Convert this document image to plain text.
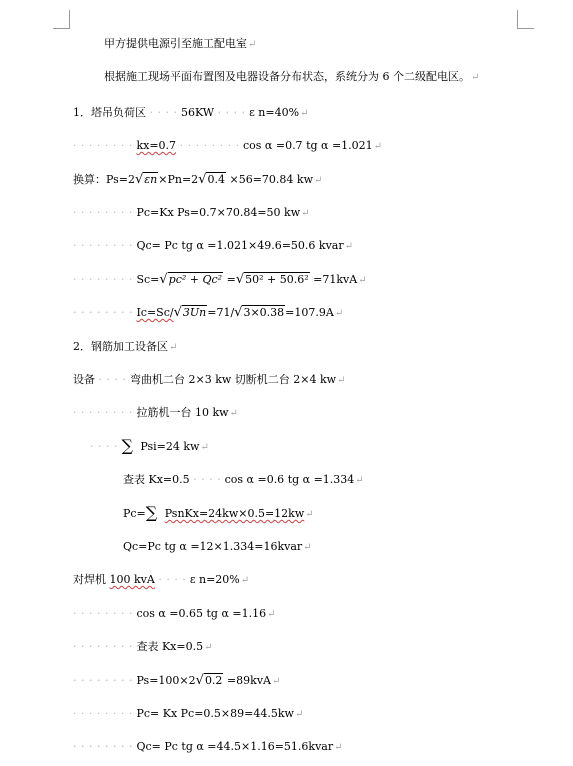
甲方提供电源引至施工配电室↵
根据施工现场平面布置图及电器设备分布状态，系统分为 6 个二级配电区。↵
1．塔吊负荷区 · · · · 56KW · · · · ε n=40%↵
· · · · · · · · kx=0.7 · · · · · · · · cos α =0.7 tg α =1.021↵
换算：Ps=2√εn×Pn=2√0.4 ×56=70.84 kw↵
· · · · · · · · Pc=Kx Ps=0.7×70.84=50 kw↵
· · · · · · · · Qc= Pc tg α =1.021×49.6=50.6 kvar↵
· · · · · · · · Sc=√pc² + Qc² =√50² + 50.6² =71kvA↵
· · · · · · · · Ic=Sc/√3Un=71/√3×0.38=107.9A↵
2．钢筋加工设备区↵
设备 · · · · 弯曲机二台 2×3 kw 切断机二台 2×4 kw↵
· · · · · · · · 拉筋机一台 10 kw↵
· · · · ∑ Psi=24 kw↵
查表 Kx=0.5 · · · · cos α =0.6 tg α =1.334↵
Pc=∑ PsnKx=24kw×0.5=12kw↵
Qc=Pc tg α =12×1.334=16kvar↵
对焊机 100 kvA · · · · ε n=20%↵
· · · · · · · · cos α =0.65 tg α =1.16↵
· · · · · · · · 查表 Kx=0.5↵
· · · · · · · · Ps=100×2√0.2 =89kvA↵
· · · · · · · · Pc= Kx Pc=0.5×89=44.5kw↵
· · · · · · · · Qc= Pc tg α =44.5×1.16=51.6kvar↵
